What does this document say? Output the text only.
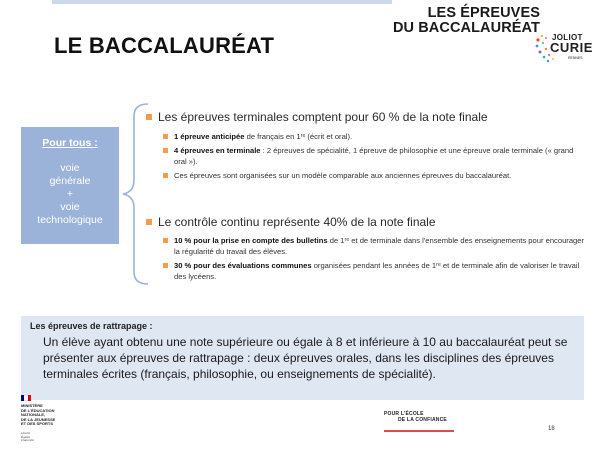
LES ÉPREUVES
DU BACCALAURÉAT
JOLIOT
CURIE
RENNES
LE BACCALAURÉAT
Pour tous :
voie
générale
+
voie
technologique
Les épreuves terminales comptent pour 60 % de la note finale
1 épreuve anticipée de français en 1ʳᵉ (écrit et oral).
4 épreuves en terminale : 2 épreuves de spécialité, 1 épreuve de philosophie et une épreuve orale terminale (« grand oral »).
Ces épreuves sont organisées sur un modèle comparable aux anciennes épreuves du baccalauréat.
Le contrôle continu représente 40% de la note finale
10 % pour la prise en compte des bulletins de 1ʳᵉ et de terminale dans l'ensemble des enseignements pour encourager la régularité du travail des élèves.
30 % pour des évaluations communes organisées pendant les années de 1ʳᵉ et de terminale afin de valoriser le travail des lycéens.
Les épreuves de rattrapage :
Un élève ayant obtenu une note supérieure ou égale à 8 et inférieure à 10 au baccalauréat peut se présenter aux épreuves de rattrapage : deux épreuves orales, dans les disciplines des épreuves terminales écrites (français, philosophie, ou enseignements de spécialité).
MINISTÈRE
DE L'ÉDUCATION
NATIONALE,
DE LA JEUNESSE
ET DES SPORTS
Liberté
Égalité
Fraternité
POUR L'ÉCOLE
DE LA CONFIANCE
18
